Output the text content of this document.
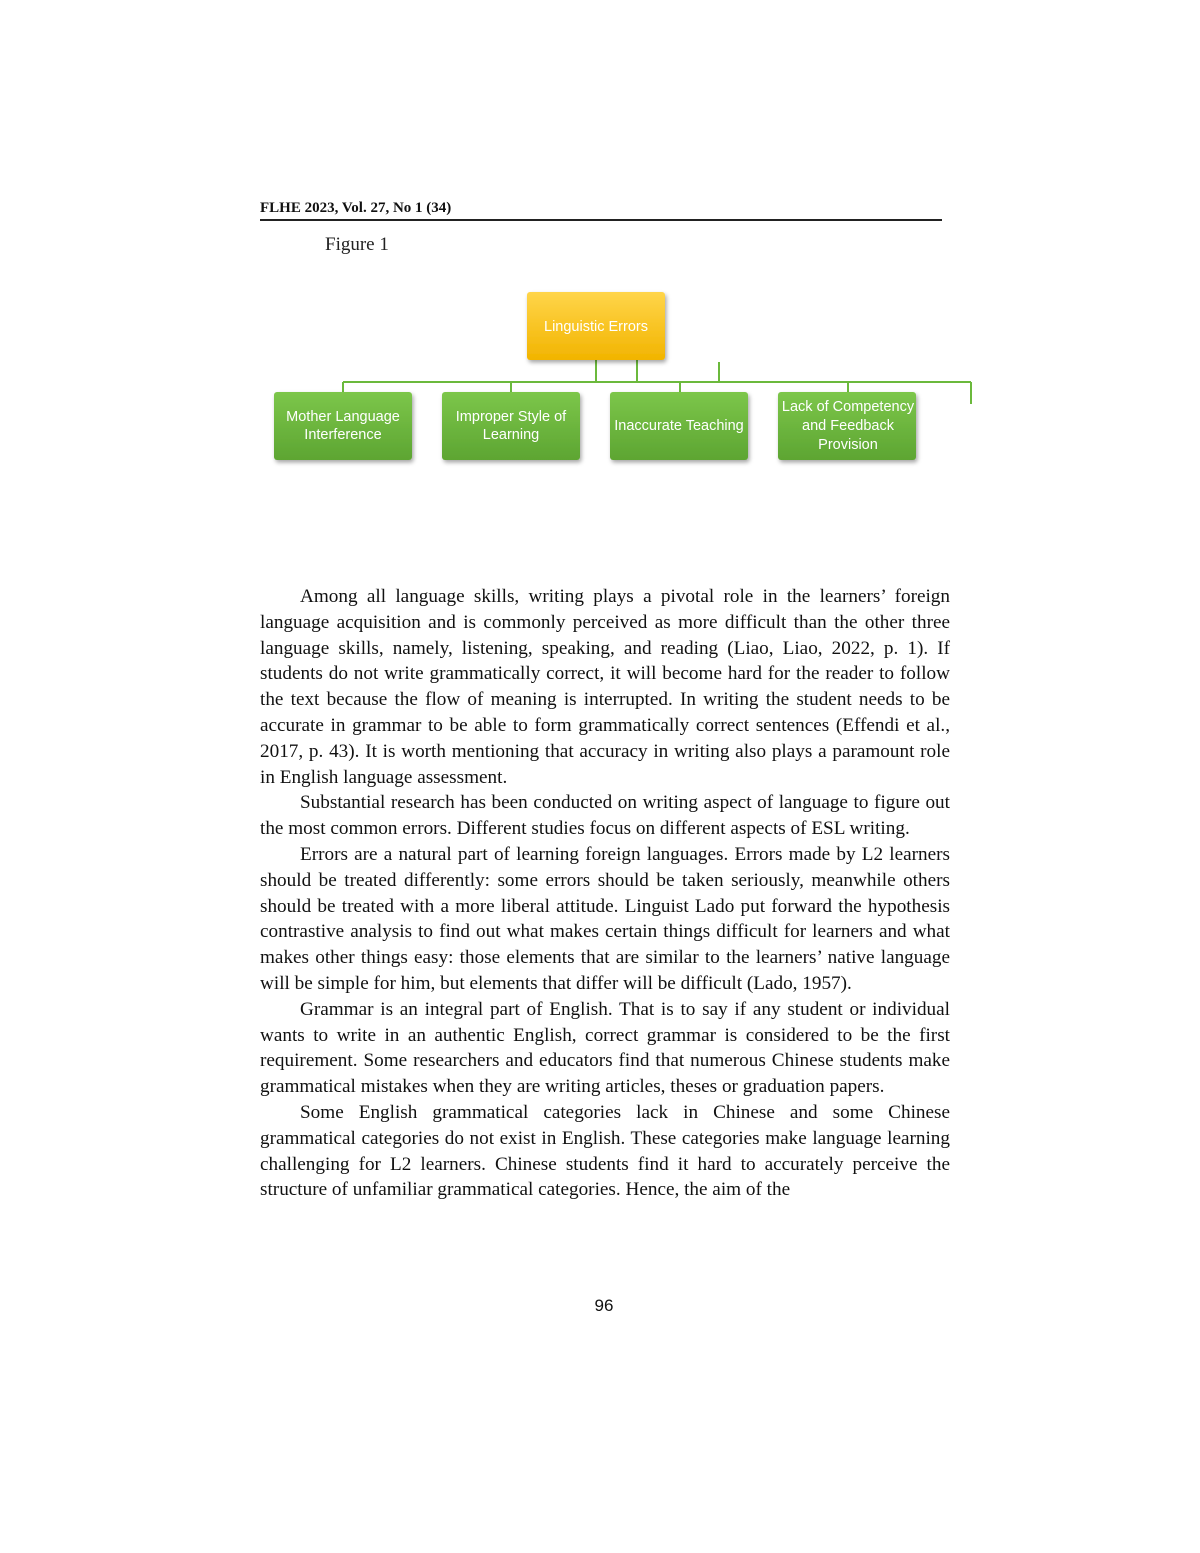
FLHE 2023, Vol. 27, No 1 (34)
Figure 1
Linguistic Errors
Mother Language
Interference
Improper Style of
Learning
Inaccurate Teaching
Lack of Competency
and Feedback
Provision

Among all language skills, writing plays a pivotal role in the learners’ foreign language acquisition and is commonly perceived as more difficult than the other three language skills, namely, listening, speaking, and reading (Liao, Liao, 2022, p. 1). If students do not write grammatically correct, it will become hard for the reader to follow the text because the flow of meaning is interrupted. In writing the student needs to be accurate in grammar to be able to form grammatically correct sentences (Effendi et al., 2017, p. 43). It is worth mentioning that accuracy in writing also plays a paramount role in English language assessment.

Substantial research has been conducted on writing aspect of language to figure out the most common errors. Different studies focus on different aspects of ESL writing.

Errors are a natural part of learning foreign languages. Errors made by L2 learners should be treated differently: some errors should be taken seriously, meanwhile others should be treated with a more liberal attitude. Linguist Lado put forward the hypothesis contrastive analysis to find out what makes certain things difficult for learners and what makes other things easy: those elements that are similar to the learners’ native language will be simple for him, but elements that differ will be difficult (Lado, 1957).

Grammar is an integral part of English. That is to say if any student or individual wants to write in an authentic English, correct grammar is considered to be the first requirement. Some researchers and educators find that numerous Chinese students make grammatical mistakes when they are writing articles, theses or graduation papers.

Some English grammatical categories lack in Chinese and some Chinese grammatical categories do not exist in English. These categories make language learning challenging for L2 learners. Chinese students find it hard to accurately perceive the structure of unfamiliar grammatical categories. Hence, the aim of the

96
